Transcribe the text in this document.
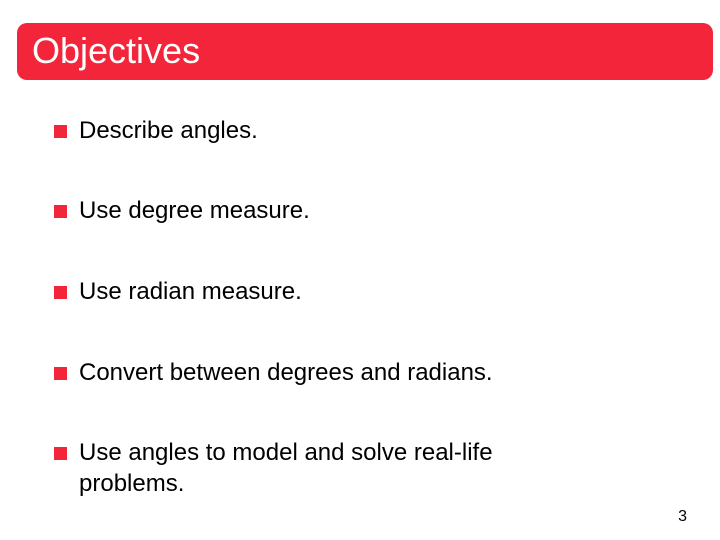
Objectives
Describe angles.
Use degree measure.
Use radian measure.
Convert between degrees and radians.
Use angles to model and solve real-life problems.
3
